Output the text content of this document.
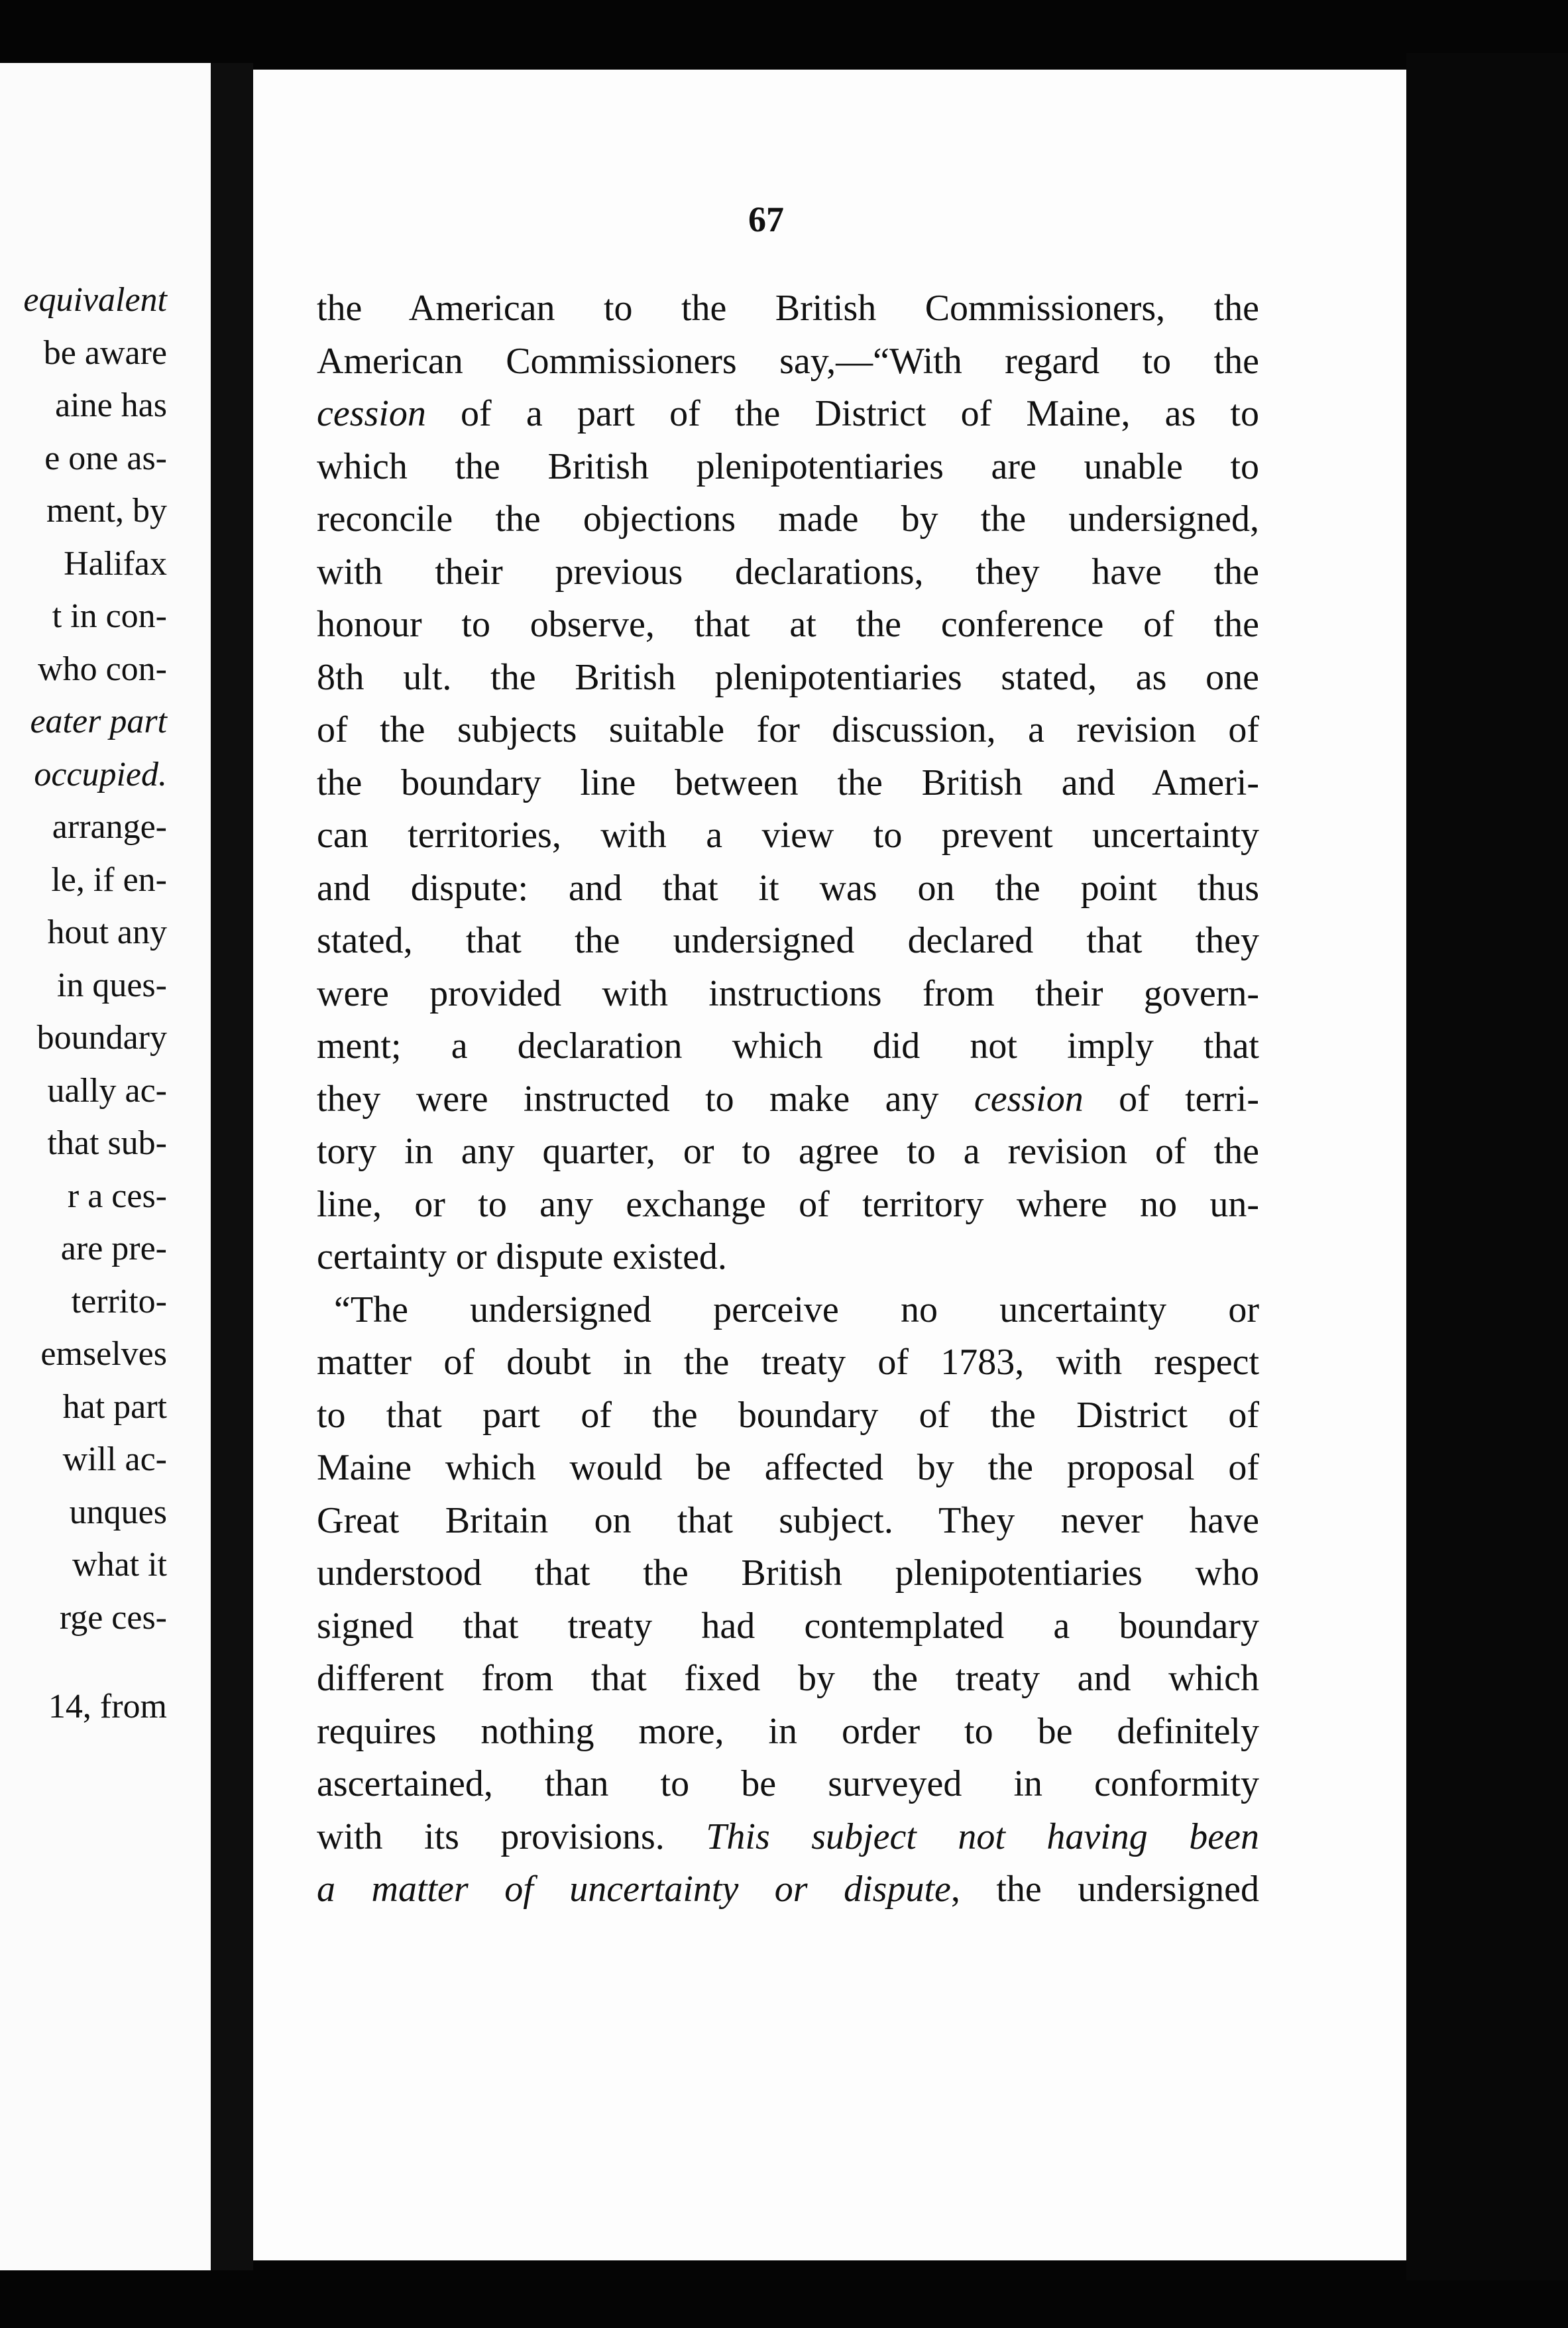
equivalent
be aware
aine has
e one as-
ment, by
Halifax
t in con-
who con-
eater part
occupied.
arrange-
le, if en-
hout any
in ques-
boundary
ually ac-
that sub-
r a ces-
are pre-
territo-
emselves
hat part
will ac-
unques
what it
rge ces-
14, from
67
the American to the British Commissioners, the
American Commissioners say,—“With regard to the
cession of a part of the District of Maine, as to
which the British plenipotentiaries are unable to
reconcile the objections made by the undersigned,
with their previous declarations, they have the
honour to observe, that at the conference of the
8th ult. the British plenipotentiaries stated, as one
of the subjects suitable for discussion, a revision of
the boundary line between the British and Ameri-
can territories, with a view to prevent uncertainty
and dispute: and that it was on the point thus
stated, that the undersigned declared that they
were provided with instructions from their govern-
ment; a declaration which did not imply that
they were instructed to make any cession of terri-
tory in any quarter, or to agree to a revision of the
line, or to any exchange of territory where no un-
certainty or dispute existed.
“The undersigned perceive no uncertainty or
matter of doubt in the treaty of 1783, with respect
to that part of the boundary of the District of
Maine which would be affected by the proposal of
Great Britain on that subject. They never have
understood that the British plenipotentiaries who
signed that treaty had contemplated a boundary
different from that fixed by the treaty and which
requires nothing more, in order to be definitely
ascertained, than to be surveyed in conformity
with its provisions. This subject not having been
a matter of uncertainty or dispute, the undersigned
